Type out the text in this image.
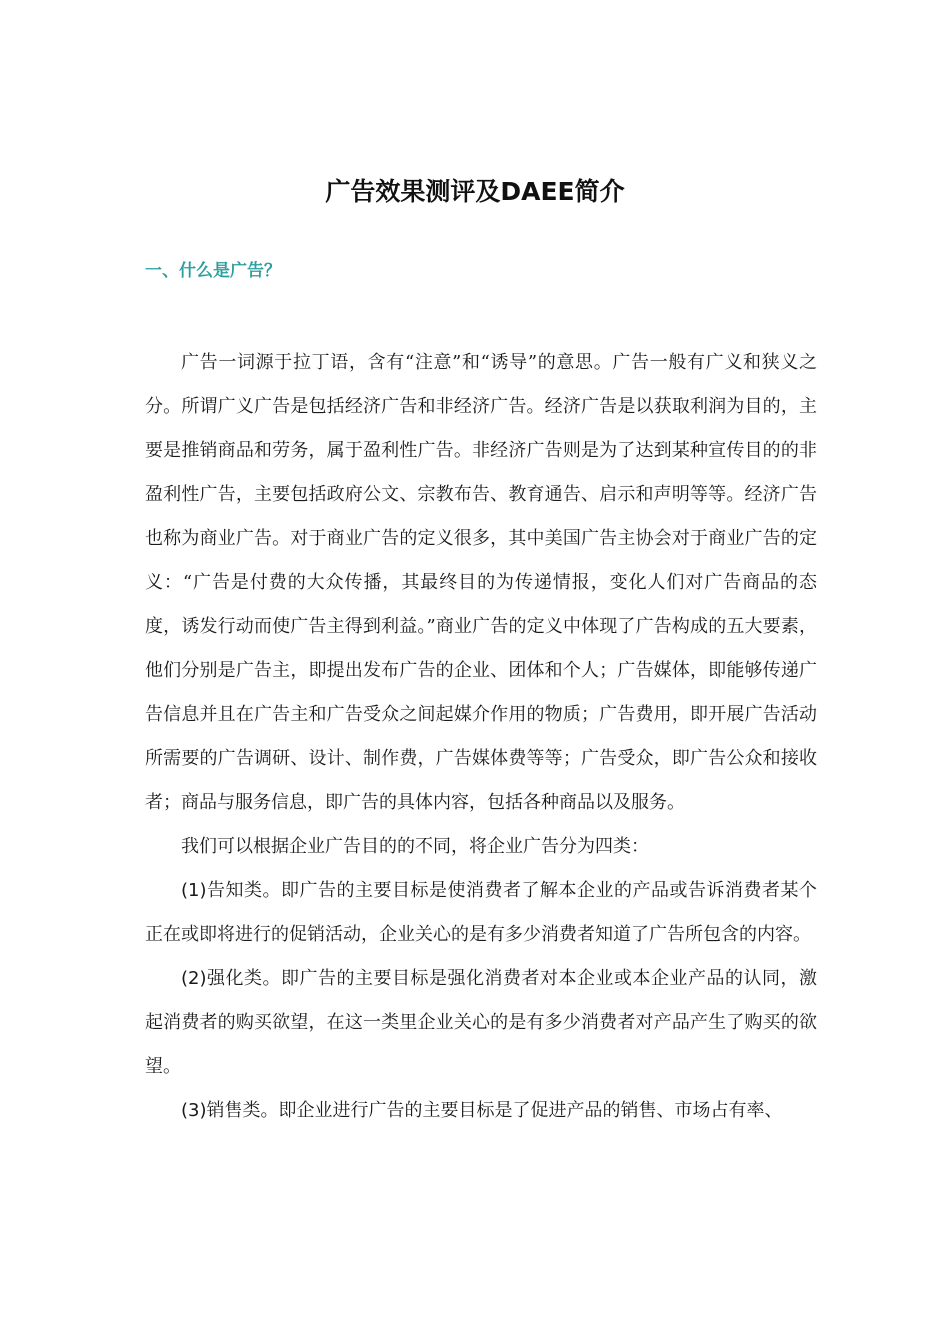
广告效果测评及DAEE简介
一、什么是广告？

广告一词源于拉丁语，含有“注意”和“诱导”的意思。广告一般有广义和狭义之分。所谓广义广告是包括经济广告和非经济广告。经济广告是以获取利润为目的，主要是推销商品和劳务，属于盈利性广告。非经济广告则是为了达到某种宣传目的的非盈利性广告，主要包括政府公文、宗教布告、教育通告、启示和声明等等。经济广告也称为商业广告。对于商业广告的定义很多，其中美国广告主协会对于商业广告的定义：“广告是付费的大众传播，其最终目的为传递情报，变化人们对广告商品的态度，诱发行动而使广告主得到利益。”商业广告的定义中体现了广告构成的五大要素，他们分别是广告主，即提出发布广告的企业、团体和个人；广告媒体，即能够传递广告信息并且在广告主和广告受众之间起媒介作用的物质；广告费用，即开展广告活动所需要的广告调研、设计、制作费，广告媒体费等等；广告受众，即广告公众和接收者；商品与服务信息，即广告的具体内容，包括各种商品以及服务。

我们可以根据企业广告目的的不同，将企业广告分为四类：

(1)告知类。即广告的主要目标是使消费者了解本企业的产品或告诉消费者某个正在或即将进行的促销活动，企业关心的是有多少消费者知道了广告所包含的内容。

(2)强化类。即广告的主要目标是强化消费者对本企业或本企业产品的认同，激起消费者的购买欲望，在这一类里企业关心的是有多少消费者对产品产生了购买的欲望。

(3)销售类。即企业进行广告的主要目标是了促进产品的销售、市场占有率、
